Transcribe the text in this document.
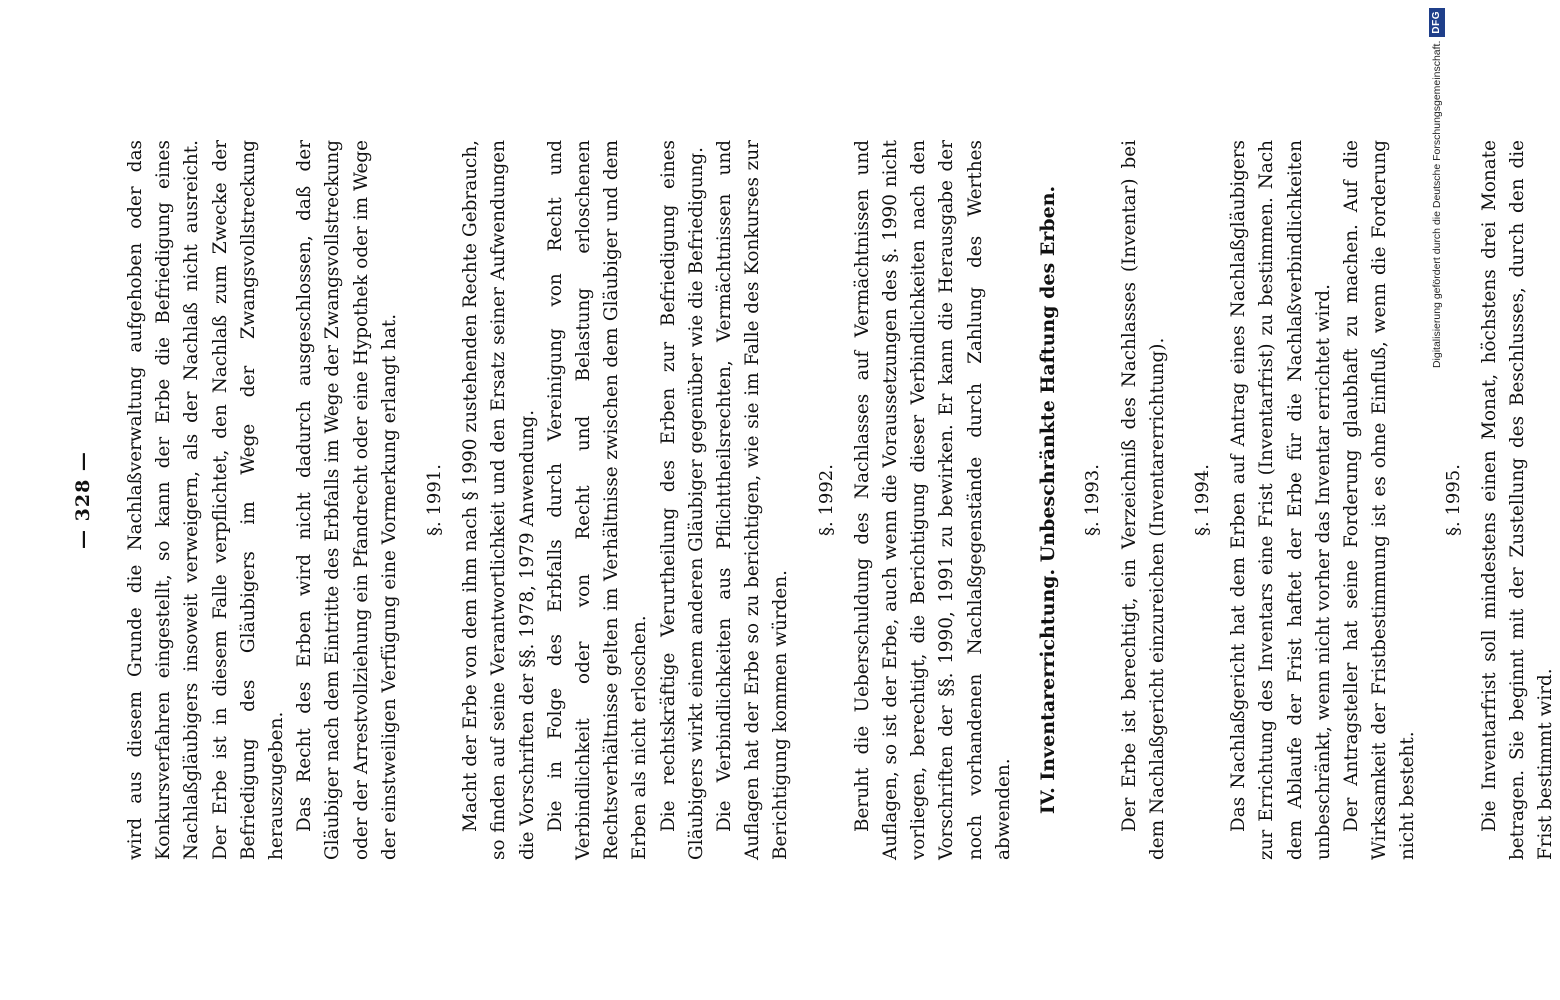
— 328 — wird aus diesem Grunde die Nachlaßverwaltung aufgehoben oder das Konkursverfahren eingestellt, so kann der Erbe die Befriedigung eines Nachlaßgläubigers insoweit verweigern, als der Nachlaß nicht ausreicht. Der Erbe ist in diesem Falle verpflichtet, den Nachlaß zum Zwecke der Befriedigung des Gläubigers im Wege der Zwangsvollstreckung herauszugeben. Das Recht des Erben wird nicht dadurch ausgeschlossen, daß der Gläubiger nach dem Eintritte des Erbfalls im Wege der Zwangsvollstreckung oder der Arrestvollziehung ein Pfandrecht oder eine Hypothek oder im Wege der einstweiligen Verfügung eine Vormerkung erlangt hat. §. 1991. Macht der Erbe von dem ihm nach § 1990 zustehenden Rechte Gebrauch, so finden auf seine Verantwortlichkeit und den Ersatz seiner Aufwendungen die Vorschriften der §§. 1978, 1979 Anwendung. Die in Folge des Erbfalls durch Vereinigung von Recht und Verbindlichkeit oder von Recht und Belastung erloschenen Rechtsverhältnisse gelten im Verhältnisse zwischen dem Gläubiger und dem Erben als nicht erloschen. Die rechtskräftige Verurtheilung des Erben zur Befriedigung eines Gläubigers wirkt einem anderen Gläubiger gegenüber wie die Befriedigung. Die Verbindlichkeiten aus Pflichttheilsrechten, Vermächtnissen und Auflagen hat der Erbe so zu berichtigen, wie sie im Falle des Konkurses zur Berichtigung kommen würden.

§. 1992. Beruht die Ueberschuldung des Nachlasses auf Vermächtnissen und Auflagen, so ist der Erbe, auch wenn die Voraussetzungen des §. 1990 nicht vorliegen, berechtigt, die Berichtigung dieser Verbindlichkeiten nach den Vorschriften der §§. 1990, 1991 zu bewirken. Er kann die Herausgabe der noch vorhandenen Nachlaßgegenstände durch Zahlung des Werthes abwenden. IV. Inventarerrichtung. Unbeschränkte Haftung des Erben. §. 1993. Der Erbe ist berechtigt, ein Verzeichniß des Nachlasses (Inventar) bei dem Nachlaßgericht einzureichen (Inventarerrichtung). §. 1994. Das Nachlaßgericht hat dem Erben auf Antrag eines Nachlaßgläubigers zur Errichtung des Inventars eine Frist (Inventarfrist) zu bestimmen. Nach dem Ablaufe der Frist haftet der Erbe für die Nachlaßverbindlichkeiten unbeschränkt, wenn nicht vorher das Inventar errichtet wird. Der Antragsteller hat seine Forderung glaubhaft zu machen. Auf die Wirksamkeit der Fristbestimmung ist es ohne Einfluß, wenn die Forderung nicht besteht.

§. 1995. Die Inventarfrist soll mindestens einen Monat, höchstens drei Monate betragen. Sie beginnt mit der Zustellung des Beschlusses, durch den die Frist bestimmt wird.

Digitalisierung gefördert durch die Deutsche Forschungsgemeinschaft.
DFG
